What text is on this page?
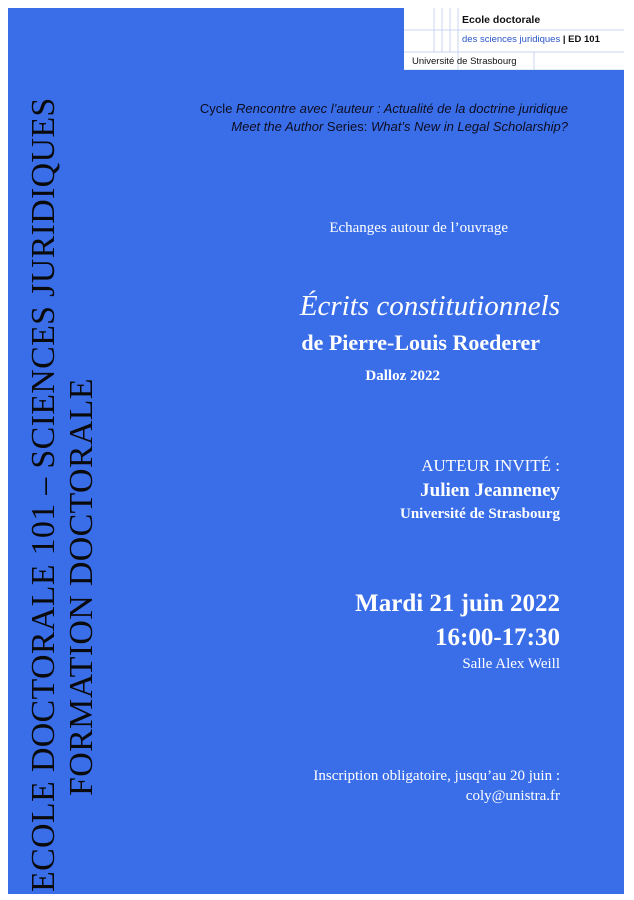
ECOLE DOCTORALE 101 – SCIENCES JURIDIQUES FORMATION DOCTORALE
Cycle Rencontre avec l’auteur : Actualité de la doctrine juridique
Meet the Author Series: What’s New in Legal Scholarship?
Ecole doctorale
des sciences juridiques | ED 101
Université de Strasbourg
Echanges autour de l’ouvrage
Écrits constitutionnels
de Pierre-Louis Roederer
Dalloz 2022
AUTEUR INVITÉ :
Julien Jeanneney
Université de Strasbourg
Mardi 21 juin 2022
16:00-17:30
Salle Alex Weill
Inscription obligatoire, jusqu’au 20 juin :
coly@unistra.fr
